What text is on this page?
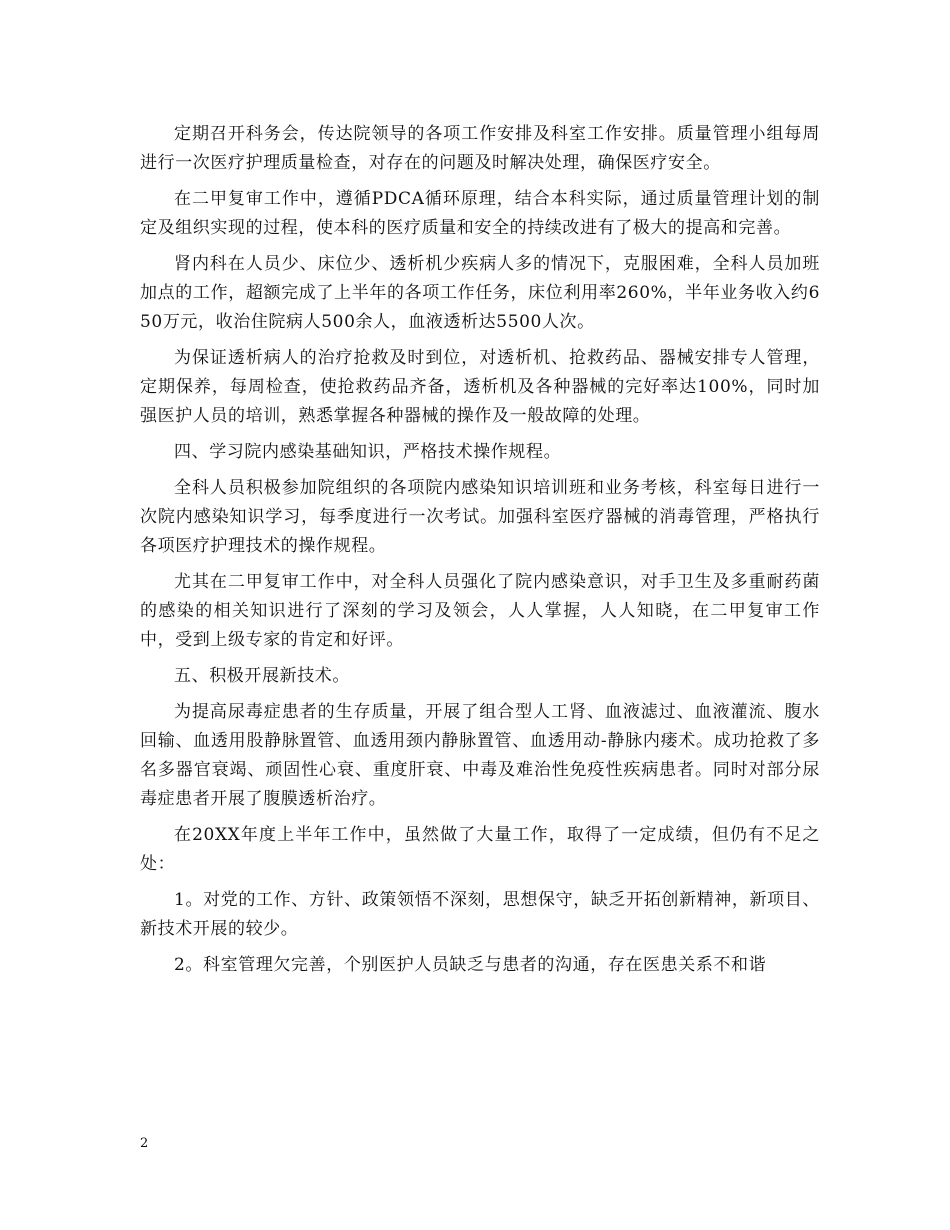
定期召开科务会，传达院领导的各项工作安排及科室工作安排。质量管理小组每周进行一次医疗护理质量检查，对存在的问题及时解决处理，确保医疗安全。

在二甲复审工作中，遵循PDCA循环原理，结合本科实际，通过质量管理计划的制定及组织实现的过程，使本科的医疗质量和安全的持续改进有了极大的提高和完善。

肾内科在人员少、床位少、透析机少疾病人多的情况下，克服困难，全科人员加班加点的工作，超额完成了上半年的各项工作任务，床位利用率260%，半年业务收入约650万元，收治住院病人500余人，血液透析达5500人次。

为保证透析病人的治疗抢救及时到位，对透析机、抢救药品、器械安排专人管理，定期保养，每周检查，使抢救药品齐备，透析机及各种器械的完好率达100%，同时加强医护人员的培训，熟悉掌握各种器械的操作及一般故障的处理。

四、学习院内感染基础知识，严格技术操作规程。

全科人员积极参加院组织的各项院内感染知识培训班和业务考核，科室每日进行一次院内感染知识学习，每季度进行一次考试。加强科室医疗器械的消毒管理，严格执行各项医疗护理技术的操作规程。

尤其在二甲复审工作中，对全科人员强化了院内感染意识，对手卫生及多重耐药菌的感染的相关知识进行了深刻的学习及领会，人人掌握，人人知晓，在二甲复审工作中，受到上级专家的肯定和好评。

五、积极开展新技术。

为提高尿毒症患者的生存质量，开展了组合型人工肾、血液滤过、血液灌流、腹水回输、血透用股静脉置管、血透用颈内静脉置管、血透用动-静脉内瘘术。成功抢救了多名多器官衰竭、顽固性心衰、重度肝衰、中毒及难治性免疫性疾病患者。同时对部分尿毒症患者开展了腹膜透析治疗。

在20XX年度上半年工作中，虽然做了大量工作，取得了一定成绩，但仍有不足之处：

1。对党的工作、方针、政策领悟不深刻，思想保守，缺乏开拓创新精神，新项目、新技术开展的较少。

2。科室管理欠完善，个别医护人员缺乏与患者的沟通，存在医患关系不和谐

2
